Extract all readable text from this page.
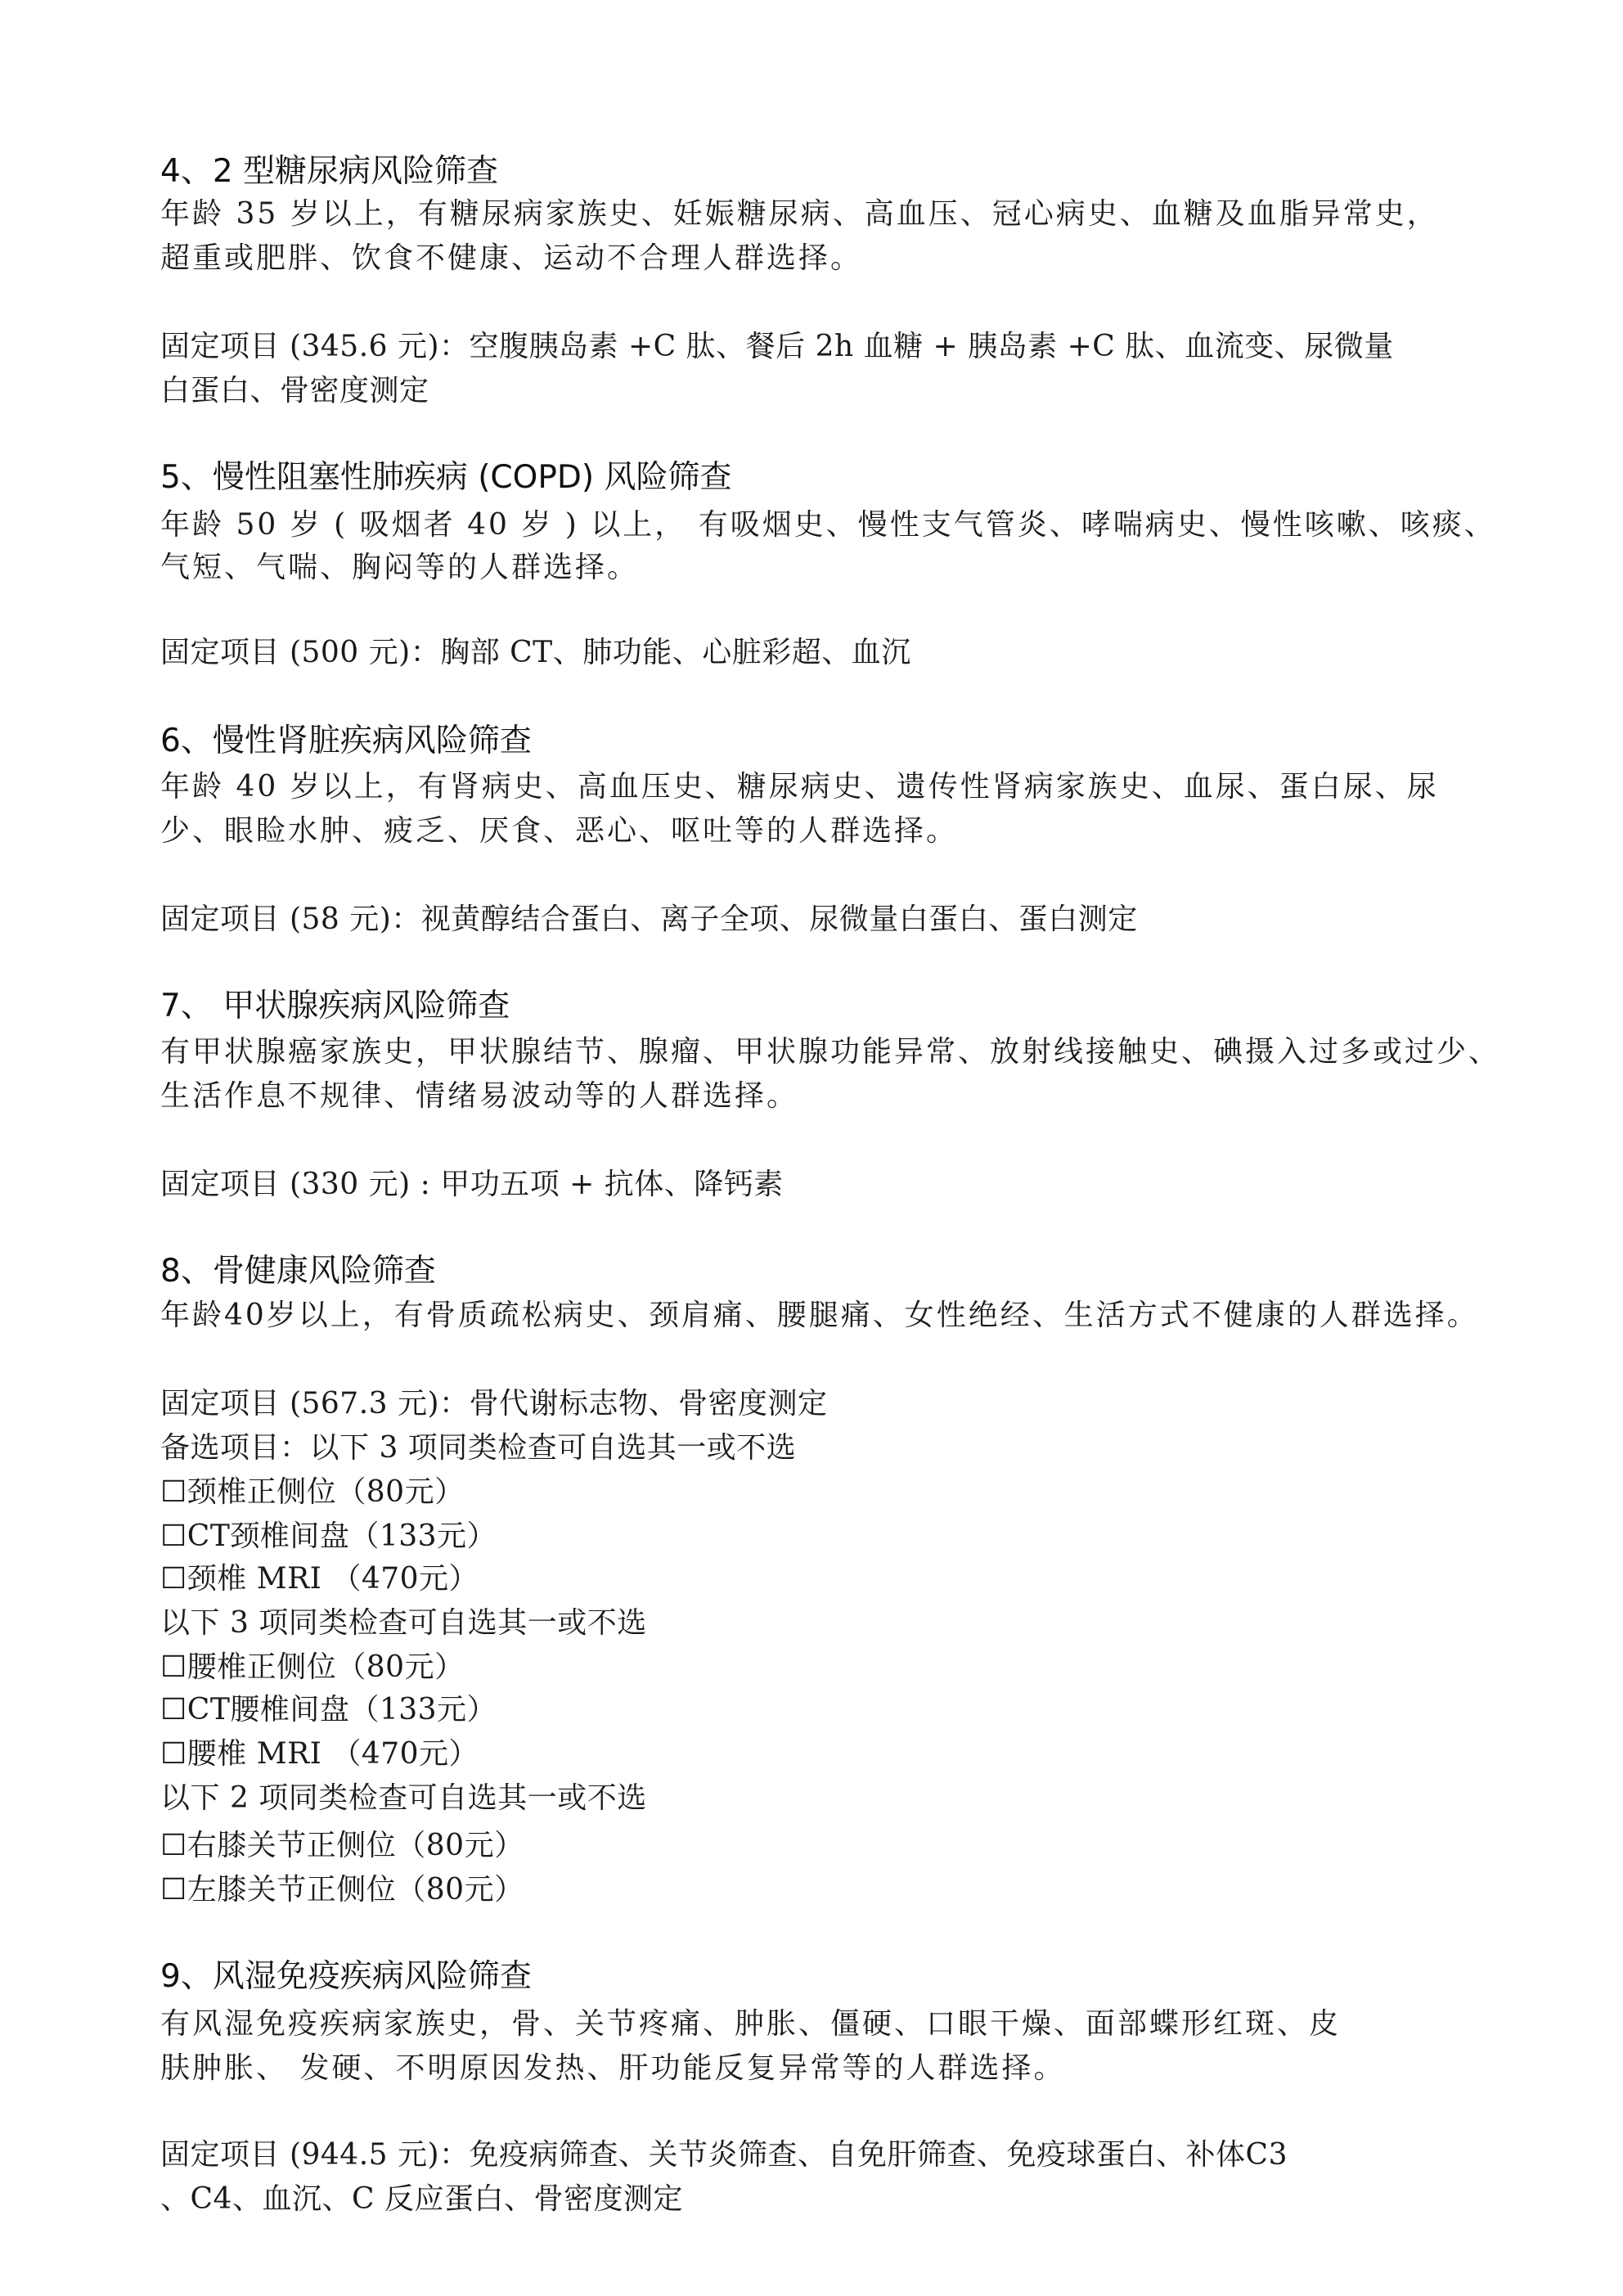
4、2 型糖尿病风险筛查
年龄 35 岁以上，有糖尿病家族史、妊娠糖尿病、高血压、冠心病史、血糖及血脂异常史，
超重或肥胖、饮食不健康、运动不合理人群选择。
固定项目 (345.6 元)：空腹胰岛素 +C 肽、餐后 2h 血糖 + 胰岛素 +C 肽、血流变、尿微量
白蛋白、骨密度测定
5、慢性阻塞性肺疾病 (COPD) 风险筛查
年龄 50 岁 ( 吸烟者 40 岁 ) 以上， 有吸烟史、慢性支气管炎、哮喘病史、慢性咳嗽、咳痰、
气短、气喘、胸闷等的人群选择。
固定项目 (500 元)：胸部 CT、肺功能、心脏彩超、血沉
6、慢性肾脏疾病风险筛查
年龄 40 岁以上，有肾病史、高血压史、糖尿病史、遗传性肾病家族史、血尿、蛋白尿、尿
少、眼睑水肿、疲乏、厌食、恶心、呕吐等的人群选择。
固定项目 (58 元)：视黄醇结合蛋白、离子全项、尿微量白蛋白、蛋白测定
7、 甲状腺疾病风险筛查
有甲状腺癌家族史，甲状腺结节、腺瘤、甲状腺功能异常、放射线接触史、碘摄入过多或过少、
生活作息不规律、情绪易波动等的人群选择。
固定项目 (330 元) : 甲功五项 + 抗体、降钙素
8、骨健康风险筛查
年龄40岁以上，有骨质疏松病史、颈肩痛、腰腿痛、女性绝经、生活方式不健康的人群选择。
固定项目 (567.3 元)：骨代谢标志物、骨密度测定
备选项目：以下 3 项同类检查可自选其一或不选
☐颈椎正侧位（80元）
☐CT颈椎间盘（133元）
☐颈椎 MRI （470元）
以下 3 项同类检查可自选其一或不选
☐腰椎正侧位（80元）
☐CT腰椎间盘（133元）
☐腰椎 MRI （470元）
以下 2 项同类检查可自选其一或不选
☐右膝关节正侧位（80元）
☐左膝关节正侧位（80元）
9、风湿免疫疾病风险筛查
有风湿免疫疾病家族史，骨、关节疼痛、肿胀、僵硬、口眼干燥、面部蝶形红斑、皮
肤肿胀、 发硬、不明原因发热、肝功能反复异常等的人群选择。
固定项目 (944.5 元)：免疫病筛查、关节炎筛查、自免肝筛查、免疫球蛋白、补体C3
、C4、血沉、C 反应蛋白、骨密度测定
